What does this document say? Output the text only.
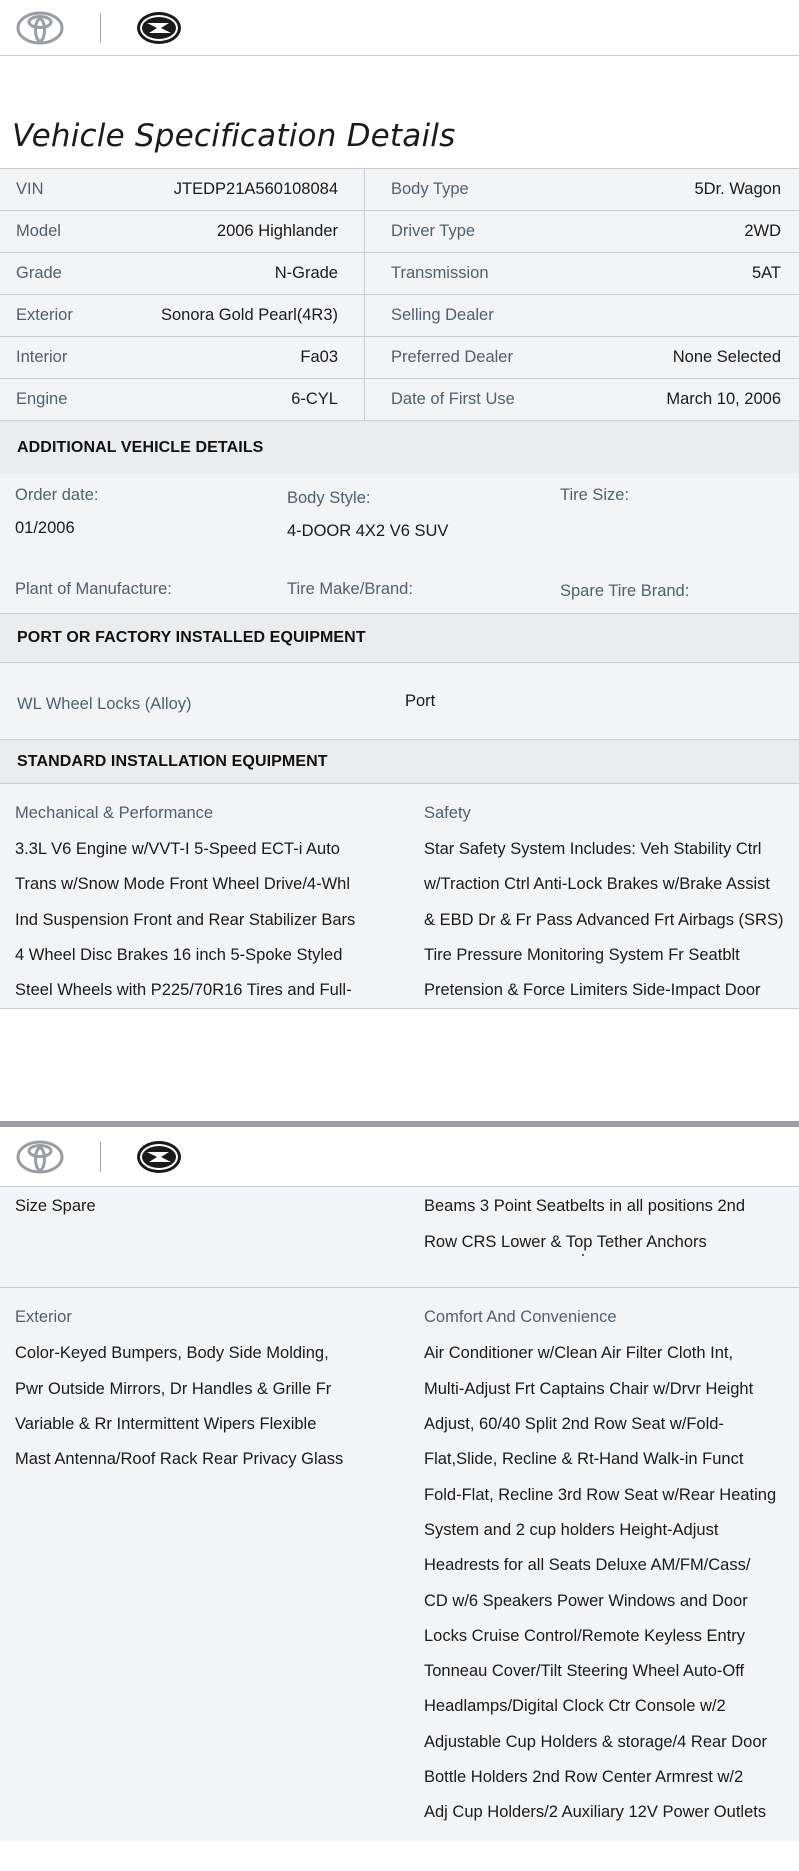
Vehicle Specification Details
VIN	JTEDP21A560108084	Body Type	5Dr. Wagon
Model	2006 Highlander	Driver Type	2WD
Grade	N-Grade	Transmission	5AT
Exterior	Sonora Gold Pearl(4R3)	Selling Dealer
Interior	Fa03	Preferred Dealer	None Selected
Engine	6-CYL	Date of First Use	March 10, 2006
ADDITIONAL VEHICLE DETAILS
Order date:
01/2006
Body Style:
4-DOOR 4X2 V6 SUV
Tire Size:
Plant of Manufacture:	Tire Make/Brand:	Spare Tire Brand:
PORT OR FACTORY INSTALLED EQUIPMENT
WL Wheel Locks (Alloy)	Port
STANDARD INSTALLATION EQUIPMENT
Mechanical & Performance
3.3L V6 Engine w/VVT-I 5-Speed ECT-i Auto
Trans w/Snow Mode Front Wheel Drive/4-Whl
Ind Suspension Front and Rear Stabilizer Bars
4 Wheel Disc Brakes 16 inch 5-Spoke Styled
Steel Wheels with P225/70R16 Tires and Full-
Safety
Star Safety System Includes: Veh Stability Ctrl
w/Traction Ctrl Anti-Lock Brakes w/Brake Assist
& EBD Dr & Fr Pass Advanced Frt Airbags (SRS)
Tire Pressure Monitoring System Fr Seatblt
Pretension & Force Limiters Side-Impact Door
Size Spare	Beams 3 Point Seatbelts in all positions 2nd
Row CRS Lower & Top Tether Anchors
Exterior
Color-Keyed Bumpers, Body Side Molding,
Pwr Outside Mirrors, Dr Handles & Grille Fr
Variable & Rr Intermittent Wipers Flexible
Mast Antenna/Roof Rack Rear Privacy Glass
Comfort And Convenience
Air Conditioner w/Clean Air Filter Cloth Int,
Multi-Adjust Frt Captains Chair w/Drvr Height
Adjust, 60/40 Split 2nd Row Seat w/Fold-
Flat,Slide, Recline & Rt-Hand Walk-in Funct
Fold-Flat, Recline 3rd Row Seat w/Rear Heating
System and 2 cup holders Height-Adjust
Headrests for all Seats Deluxe AM/FM/Cass/
CD w/6 Speakers Power Windows and Door
Locks Cruise Control/Remote Keyless Entry
Tonneau Cover/Tilt Steering Wheel Auto-Off
Headlamps/Digital Clock Ctr Console w/2
Adjustable Cup Holders & storage/4 Rear Door
Bottle Holders 2nd Row Center Armrest w/2
Adj Cup Holders/2 Auxiliary 12V Power Outlets
